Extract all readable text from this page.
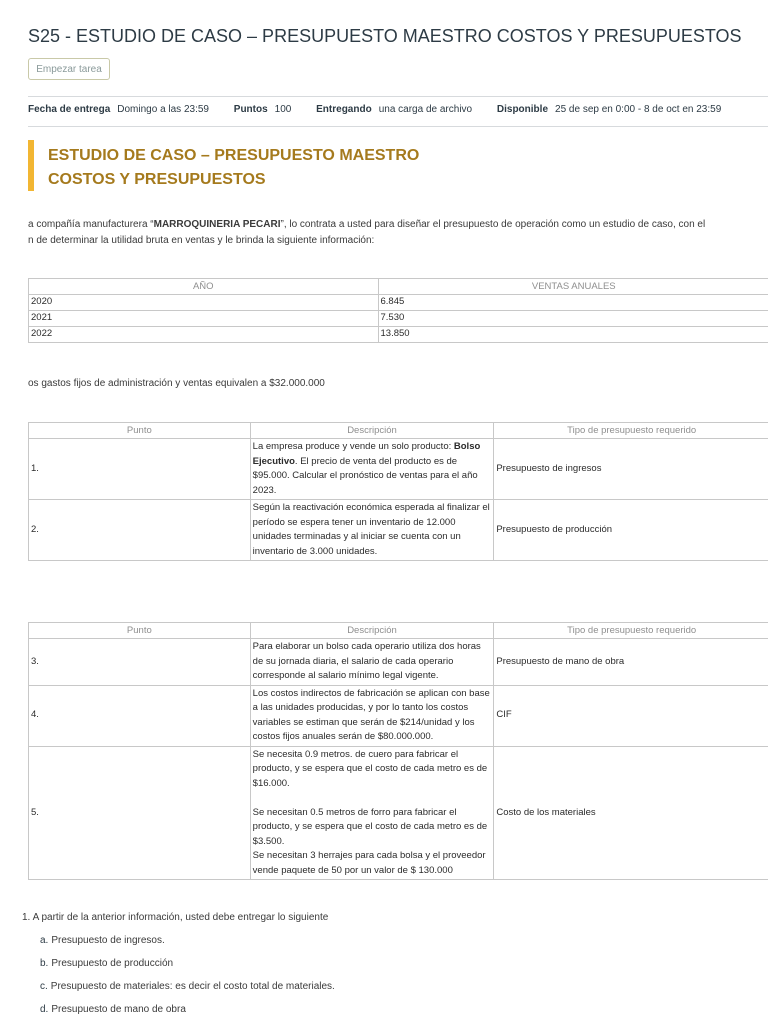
S25 - ESTUDIO DE CASO – PRESUPUESTO MAESTRO COSTOS Y PRESUPUESTOS
Empezar tarea
Fecha de entrega Domingo a las 23:59 Puntos 100 Entregando una carga de archivo Disponible 25 de sep en 0:00 - 8 de oct en 23:59
ESTUDIO DE CASO – PRESUPUESTO MAESTRO
COSTOS Y PRESUPUESTOS
a compañía manufacturera “MARROQUINERIA PECARI”, lo contrata a usted para diseñar el presupuesto de operación como un estudio de caso, con el
n de determinar la utilidad bruta en ventas y le brinda la siguiente información:
AÑO	VENTAS ANUALES
2020	6.845
2021	7.530
2022	13.850
os gastos fijos de administración y ventas equivalen a $32.000.000
Punto	Descripción	Tipo de presupuesto requerido
1.	La empresa produce y vende un solo producto: Bolso Ejecutivo. El precio de venta del producto es de $95.000. Calcular el pronóstico de ventas para el año 2023.	Presupuesto de ingresos
2.	Según la reactivación económica esperada al finalizar el período se espera tener un inventario de 12.000 unidades terminadas y al iniciar se cuenta con un inventario de 3.000 unidades.	Presupuesto de producción
Punto	Descripción	Tipo de presupuesto requerido
3.	Para elaborar un bolso cada operario utiliza dos horas de su jornada diaria, el salario de cada operario corresponde al salario mínimo legal vigente.	Presupuesto de mano de obra
4.	Los costos indirectos de fabricación se aplican con base a las unidades producidas, y por lo tanto los costos variables se estiman que serán de $214/unidad y los costos fijos anuales serán de $80.000.000.	CIF
5.	Se necesita 0.9 metros. de cuero para fabricar el producto, y se espera que el costo de cada metro es de $16.000.

Se necesitan 0.5 metros de forro para fabricar el producto, y se espera que el costo de cada metro es de $3.500.
Se necesitan 3 herrajes para cada bolsa y el proveedor vende paquete de 50 por un valor de $ 130.000	Costo de los materiales
1. A partir de la anterior información, usted debe entregar lo siguiente
a. Presupuesto de ingresos.
b. Presupuesto de producción
c. Presupuesto de materiales: es decir el costo total de materiales.
d. Presupuesto de mano de obra
